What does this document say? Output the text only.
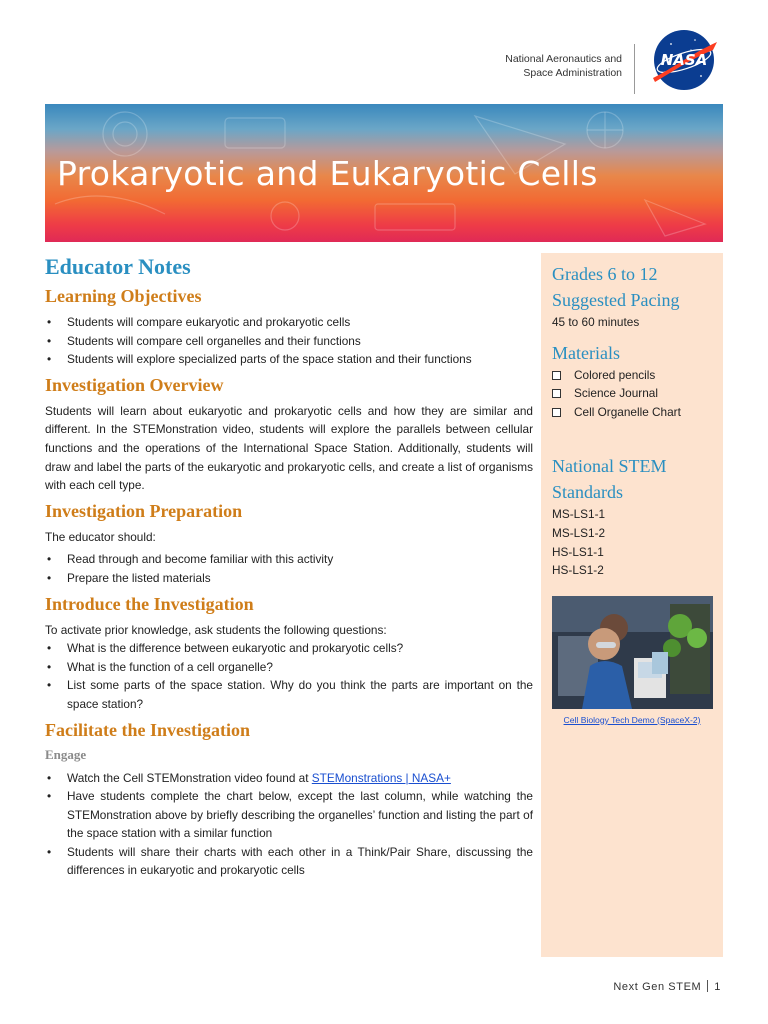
National Aeronautics and
Space Administration
NASA
Prokaryotic and Eukaryotic Cells
Educator Notes
Learning Objectives
• Students will compare eukaryotic and prokaryotic cells
• Students will compare cell organelles and their functions
• Students will explore specialized parts of the space station and their functions
Investigation Overview

Students will learn about eukaryotic and prokaryotic cells and how they are similar and different. In the STEMonstration video, students will explore the parallels between cellular functions and the operations of the International Space Station. Additionally, students will draw and label the parts of the eukaryotic and prokaryotic cells, and create a list of organisms with each cell type.

Investigation Preparation

The educator should:

• Read through and become familiar with this activity
• Prepare the listed materials
Introduce the Investigation

To activate prior knowledge, ask students the following questions:

• What is the difference between eukaryotic and prokaryotic cells?
• What is the function of a cell organelle?
• List some parts of the space station. Why do you think the parts are important on the space station?
Facilitate the Investigation
Engage
• Watch the Cell STEMonstration video found at STEMonstrations | NASA+
• Have students complete the chart below, except the last column, while watching the STEMonstration above by briefly describing the organelles’ function and listing the part of the space station with a similar function
• Students will share their charts with each other in a Think/Pair Share, discussing the differences in eukaryotic and prokaryotic cells
Grades 6 to 12
Suggested Pacing
45 to 60 minutes
Materials
Colored pencils
Science Journal
Cell Organelle Chart
National STEM
Standards
MS-LS1-1
MS-LS1-2
HS-LS1-1
HS-LS1-2
Cell Biology Tech Demo (SpaceX-2)
Next Gen STEM 1
